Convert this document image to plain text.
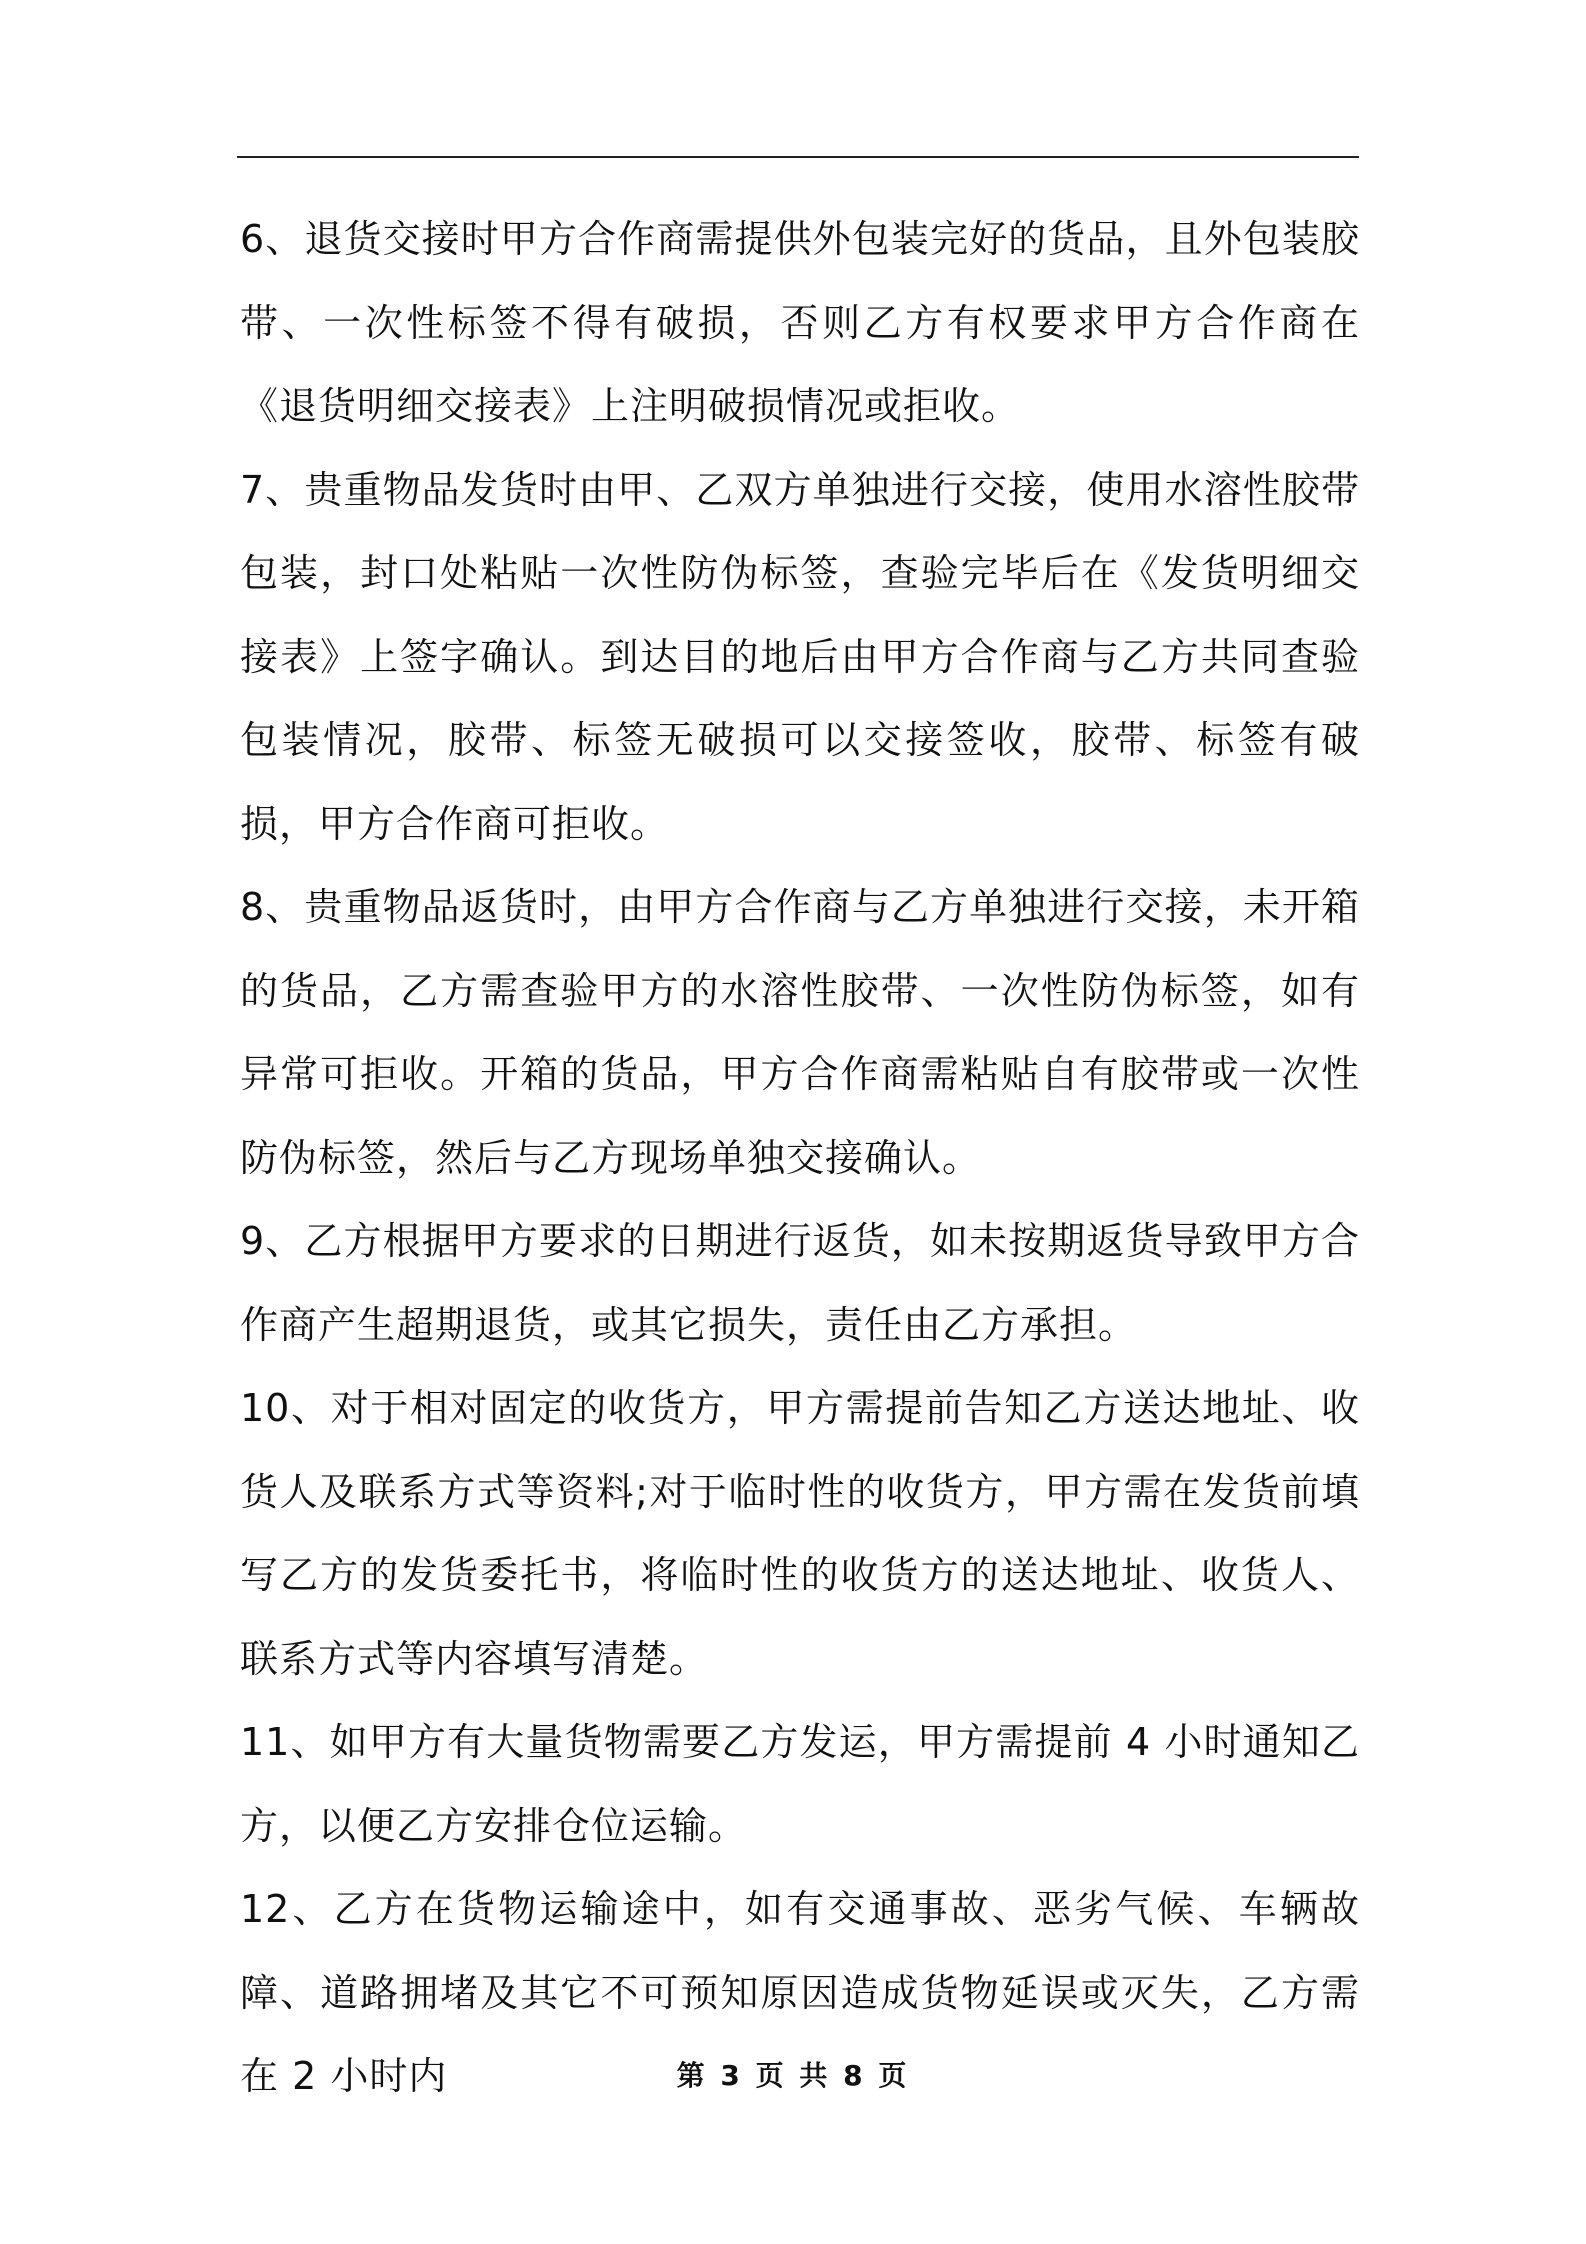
6、退货交接时甲方合作商需提供外包装完好的货品，且外包装胶带、一次性标签不得有破损，否则乙方有权要求甲方合作商在《退货明细交接表》上注明破损情况或拒收。

7、贵重物品发货时由甲、乙双方单独进行交接，使用水溶性胶带包装，封口处粘贴一次性防伪标签，查验完毕后在《发货明细交接表》上签字确认。到达目的地后由甲方合作商与乙方共同查验包装情况，胶带、标签无破损可以交接签收，胶带、标签有破损，甲方合作商可拒收。

8、贵重物品返货时，由甲方合作商与乙方单独进行交接，未开箱的货品，乙方需查验甲方的水溶性胶带、一次性防伪标签，如有异常可拒收。开箱的货品，甲方合作商需粘贴自有胶带或一次性防伪标签，然后与乙方现场单独交接确认。

9、乙方根据甲方要求的日期进行返货，如未按期返货导致甲方合作商产生超期退货，或其它损失，责任由乙方承担。

10、对于相对固定的收货方，甲方需提前告知乙方送达地址、收货人及联系方式等资料;对于临时性的收货方，甲方需在发货前填写乙方的发货委托书，将临时性的收货方的送达地址、收货人、联系方式等内容填写清楚。

11、如甲方有大量货物需要乙方发运，甲方需提前 4 小时通知乙方，以便乙方安排仓位运输。

12、乙方在货物运输途中，如有交通事故、恶劣气候、车辆故障、道路拥堵及其它不可预知原因造成货物延误或灭失，乙方需在 2 小时内	第 3 页 共 8 页
